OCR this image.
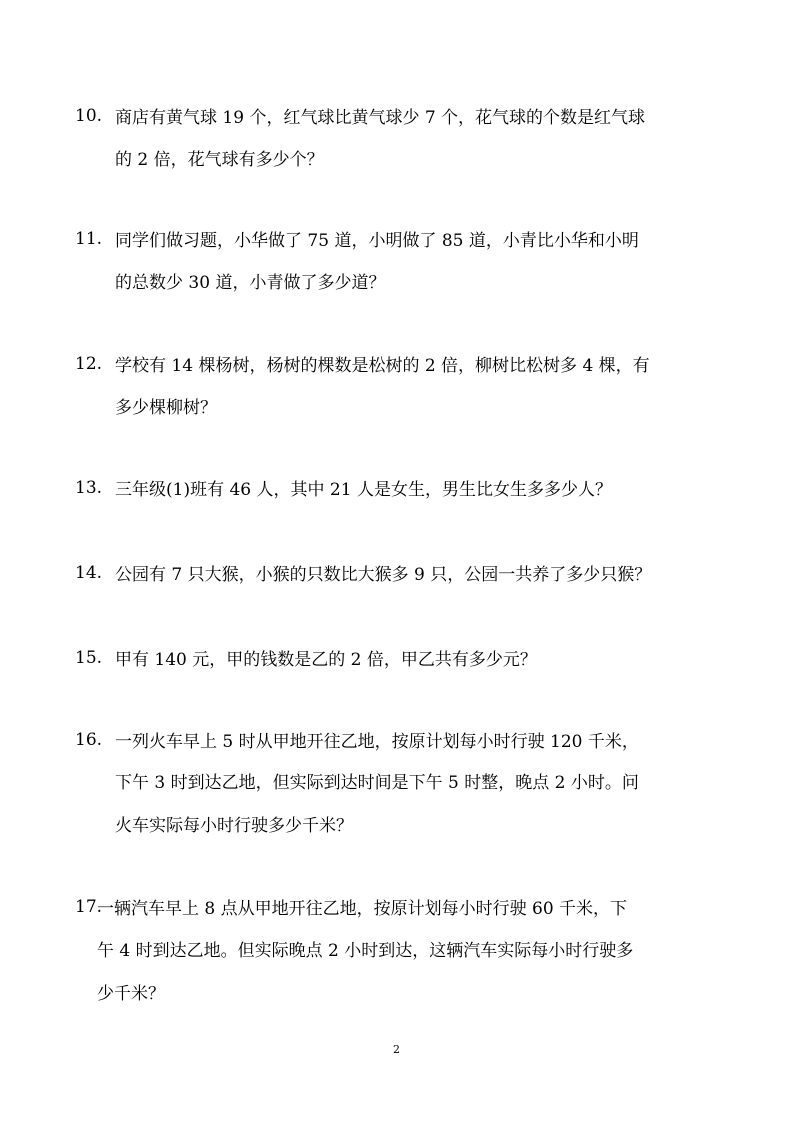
10. 商店有黄气球 19 个，红气球比黄气球少 7 个，花气球的个数是红气球
的 2 倍，花气球有多少个？
11. 同学们做习题，小华做了 75 道，小明做了 85 道，小青比小华和小明
的总数少 30 道，小青做了多少道？
12. 学校有 14 棵杨树，杨树的棵数是松树的 2 倍，柳树比松树多 4 棵，有
多少棵柳树？
13. 三年级(1)班有 46 人，其中 21 人是女生，男生比女生多多少人？
14. 公园有 7 只大猴，小猴的只数比大猴多 9 只，公园一共养了多少只猴？
15. 甲有 140 元，甲的钱数是乙的 2 倍，甲乙共有多少元？
16. 一列火车早上 5 时从甲地开往乙地，按原计划每小时行驶 120 千米，
下午 3 时到达乙地，但实际到达时间是下午 5 时整，晚点 2 小时。问
火车实际每小时行驶多少千米？
17.
一辆汽车早上 8 点从甲地开往乙地，按原计划每小时行驶 60 千米，下
午 4 时到达乙地。但实际晚点 2 小时到达，这辆汽车实际每小时行驶多
少千米？
2
